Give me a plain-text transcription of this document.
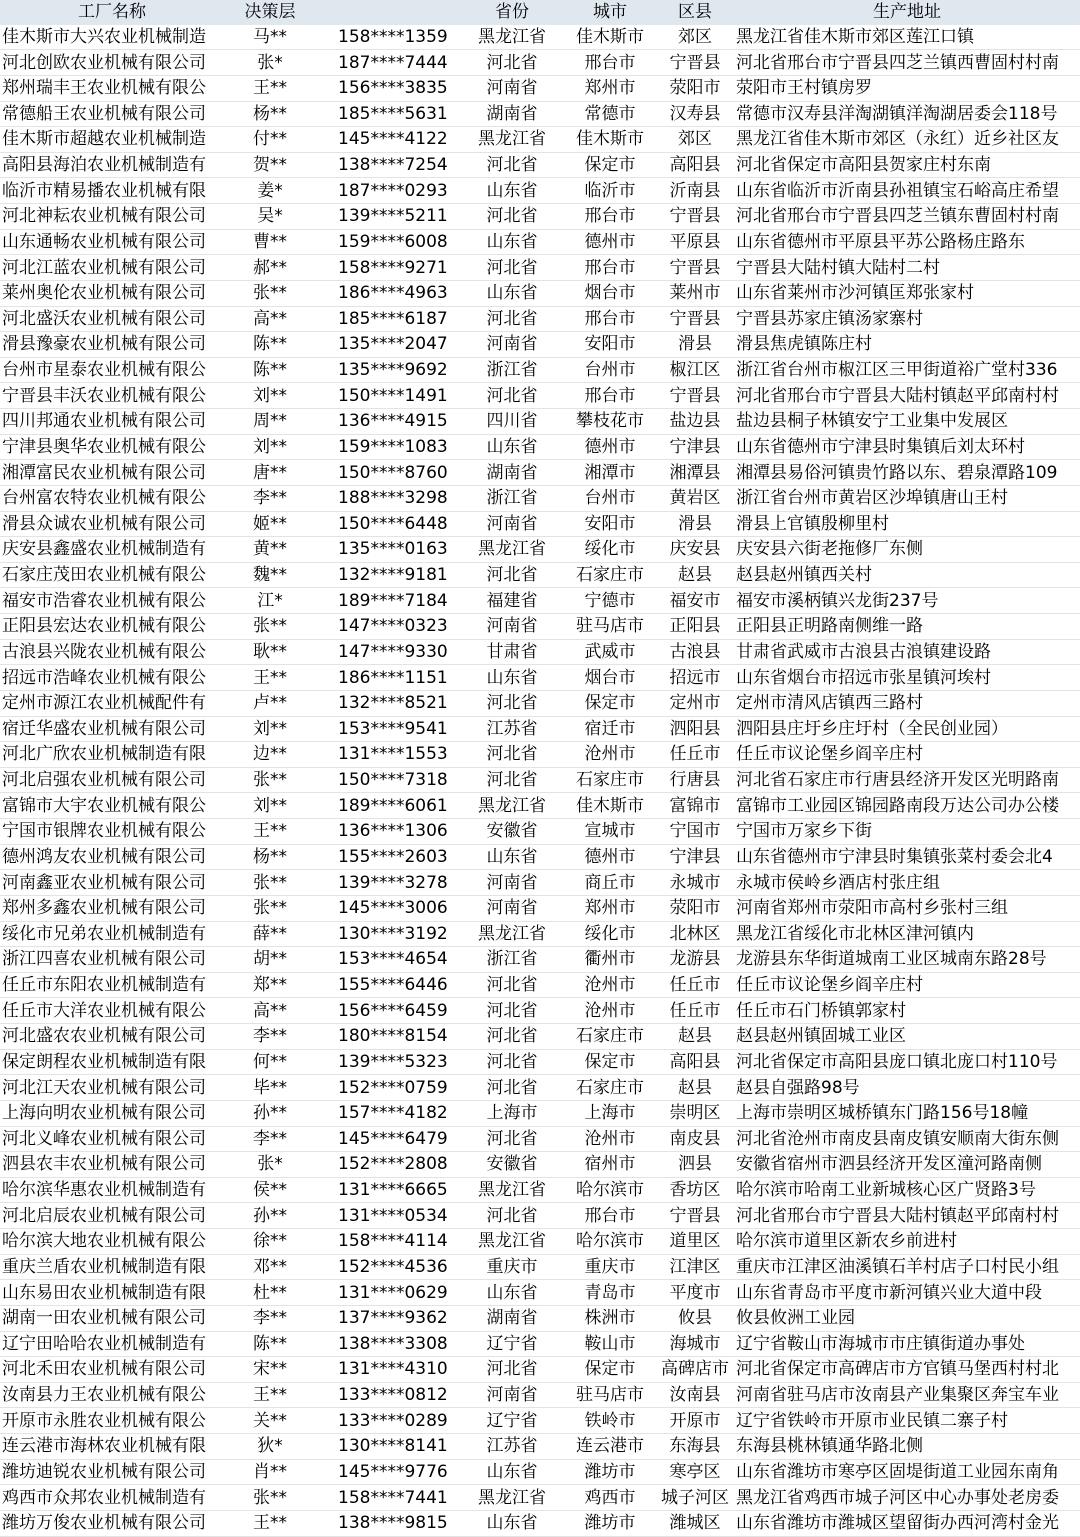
工厂名称	决策层		省份	城市	区县	生产地址
佳木斯市大兴农业机械制造	马**	158****1359	黑龙江省	佳木斯市	郊区	黑龙江省佳木斯市郊区莲江口镇
河北创欧农业机械有限公司	张*	187****7444	河北省	邢台市	宁晋县	河北省邢台市宁晋县四芝兰镇西曹固村村南
郑州瑞丰王农业机械有限公	王**	156****3835	河南省	郑州市	荥阳市	荥阳市王村镇房罗
常德船王农业机械有限公司	杨**	185****5631	湖南省	常德市	汉寿县	常德市汉寿县洋淘湖镇洋淘湖居委会118号
佳木斯市超越农业机械制造	付**	145****4122	黑龙江省	佳木斯市	郊区	黑龙江省佳木斯市郊区（永红）近乡社区友
高阳县海泊农业机械制造有	贺**	138****7254	河北省	保定市	高阳县	河北省保定市高阳县贺家庄村东南
临沂市精易播农业机械有限	姜*	187****0293	山东省	临沂市	沂南县	山东省临沂市沂南县孙祖镇宝石峪高庄希望
河北神耘农业机械有限公司	吴*	139****5211	河北省	邢台市	宁晋县	河北省邢台市宁晋县四芝兰镇东曹固村村南
山东通畅农业机械有限公司	曹**	159****6008	山东省	德州市	平原县	山东省德州市平原县平苏公路杨庄路东
河北江蓝农业机械有限公司	郝**	158****9271	河北省	邢台市	宁晋县	宁晋县大陆村镇大陆村二村
莱州奥伦农业机械有限公司	张**	186****4963	山东省	烟台市	莱州市	山东省莱州市沙河镇匡郑张家村
河北盛沃农业机械有限公司	高**	185****6187	河北省	邢台市	宁晋县	宁晋县苏家庄镇汤家寨村
滑县豫豪农业机械有限公司	陈**	135****2047	河南省	安阳市	滑县	滑县焦虎镇陈庄村
台州市星泰农业机械有限公	陈**	135****9692	浙江省	台州市	椒江区	浙江省台州市椒江区三甲街道裕广堂村336
宁晋县丰沃农业机械有限公	刘**	150****1491	河北省	邢台市	宁晋县	河北省邢台市宁晋县大陆村镇赵平邱南村村
四川邦通农业机械有限公司	周**	136****4915	四川省	攀枝花市	盐边县	盐边县桐子林镇安宁工业集中发展区
宁津县奥华农业机械有限公	刘**	159****1083	山东省	德州市	宁津县	山东省德州市宁津县时集镇后刘太环村
湘潭富民农业机械有限公司	唐**	150****8760	湖南省	湘潭市	湘潭县	湘潭县易俗河镇贵竹路以东、碧泉潭路109
台州富农特农业机械有限公	李**	188****3298	浙江省	台州市	黄岩区	浙江省台州市黄岩区沙埠镇唐山王村
滑县众诚农业机械有限公司	姬**	150****6448	河南省	安阳市	滑县	滑县上官镇殷柳里村
庆安县鑫盛农业机械制造有	黄**	135****0163	黑龙江省	绥化市	庆安县	庆安县六街老拖修厂东侧
石家庄茂田农业机械有限公	魏**	132****9181	河北省	石家庄市	赵县	赵县赵州镇西关村
福安市浩睿农业机械有限公	江*	189****7184	福建省	宁德市	福安市	福安市溪柄镇兴龙街237号
正阳县宏达农业机械有限公	张**	147****0323	河南省	驻马店市	正阳县	正阳县正明路南侧维一路
古浪县兴陇农业机械有限公	耿**	147****9330	甘肃省	武威市	古浪县	甘肃省武威市古浪县古浪镇建设路
招远市浩峰农业机械有限公	王**	186****1151	山东省	烟台市	招远市	山东省烟台市招远市张星镇河埃村
定州市源江农业机械配件有	卢**	132****8521	河北省	保定市	定州市	定州市清风店镇西三路村
宿迁华盛农业机械有限公司	刘**	153****9541	江苏省	宿迁市	泗阳县	泗阳县庄圩乡庄圩村（全民创业园）
河北广欣农业机械制造有限	边**	131****1553	河北省	沧州市	任丘市	任丘市议论堡乡阎辛庄村
河北启强农业机械有限公司	张**	150****7318	河北省	石家庄市	行唐县	河北省石家庄市行唐县经济开发区光明路南
富锦市大宇农业机械有限公	刘**	189****6061	黑龙江省	佳木斯市	富锦市	富锦市工业园区锦园路南段万达公司办公楼
宁国市银牌农业机械有限公	王**	136****1306	安徽省	宣城市	宁国市	宁国市万家乡下街
德州鸿友农业机械有限公司	杨**	155****2603	山东省	德州市	宁津县	山东省德州市宁津县时集镇张菜村委会北4
河南鑫亚农业机械有限公司	张**	139****3278	河南省	商丘市	永城市	永城市侯岭乡酒店村张庄组
郑州多鑫农业机械有限公司	张**	145****3006	河南省	郑州市	荥阳市	河南省郑州市荥阳市高村乡张村三组
绥化市兄弟农业机械制造有	薛**	130****3192	黑龙江省	绥化市	北林区	黑龙江省绥化市北林区津河镇内
浙江四喜农业机械有限公司	胡**	153****4654	浙江省	衢州市	龙游县	龙游县东华街道城南工业区城南东路28号
任丘市东阳农业机械制造有	郑**	155****6446	河北省	沧州市	任丘市	任丘市议论堡乡阎辛庄村
任丘市大洋农业机械有限公	高**	156****6459	河北省	沧州市	任丘市	任丘市石门桥镇郭家村
河北盛农农业机械有限公司	李**	180****8154	河北省	石家庄市	赵县	赵县赵州镇固城工业区
保定朗程农业机械制造有限	何**	139****5323	河北省	保定市	高阳县	河北省保定市高阳县庞口镇北庞口村110号
河北江天农业机械有限公司	毕**	152****0759	河北省	石家庄市	赵县	赵县自强路98号
上海向明农业机械有限公司	孙**	157****4182	上海市	上海市	崇明区	上海市崇明区城桥镇东门路156号18幢
河北义峰农业机械有限公司	李**	145****6479	河北省	沧州市	南皮县	河北省沧州市南皮县南皮镇安顺南大街东侧
泗县农丰农业机械有限公司	张*	152****2808	安徽省	宿州市	泗县	安徽省宿州市泗县经济开发区潼河路南侧
哈尔滨华惠农业机械制造有	侯**	131****6665	黑龙江省	哈尔滨市	香坊区	哈尔滨市哈南工业新城核心区广贤路3号
河北启辰农业机械有限公司	孙**	131****0534	河北省	邢台市	宁晋县	河北省邢台市宁晋县大陆村镇赵平邱南村村
哈尔滨大地农业机械有限公	徐**	158****4114	黑龙江省	哈尔滨市	道里区	哈尔滨市道里区新农乡前进村
重庆兰盾农业机械制造有限	邓**	152****4536	重庆市	重庆市	江津区	重庆市江津区油溪镇石羊村店子口村民小组
山东易田农业机械制造有限	杜**	131****0629	山东省	青岛市	平度市	山东省青岛市平度市新河镇兴业大道中段
湖南一田农业机械有限公司	李**	137****9362	湖南省	株洲市	攸县	攸县攸洲工业园
辽宁田哈哈农业机械制造有	陈**	138****3308	辽宁省	鞍山市	海城市	辽宁省鞍山市海城市市庄镇街道办事处
河北禾田农业机械有限公司	宋**	131****4310	河北省	保定市	高碑店市	河北省保定市高碑店市方官镇马堡西村村北
汝南县力王农业机械有限公	王**	133****0812	河南省	驻马店市	汝南县	河南省驻马店市汝南县产业集聚区奔宝车业
开原市永胜农业机械有限公	关**	133****0289	辽宁省	铁岭市	开原市	辽宁省铁岭市开原市业民镇二寨子村
连云港市海林农业机械有限	狄*	130****8141	江苏省	连云港市	东海县	东海县桃林镇通华路北侧
潍坊迪锐农业机械有限公司	肖**	145****9776	山东省	潍坊市	寒亭区	山东省潍坊市寒亭区固堤街道工业园东南角
鸡西市众邦农业机械制造有	张**	158****7441	黑龙江省	鸡西市	城子河区	黑龙江省鸡西市城子河区中心办事处老房委
潍坊万俊农业机械有限公司	王**	138****9815	山东省	潍坊市	潍城区	山东省潍坊市潍城区望留街办西河湾村金光
